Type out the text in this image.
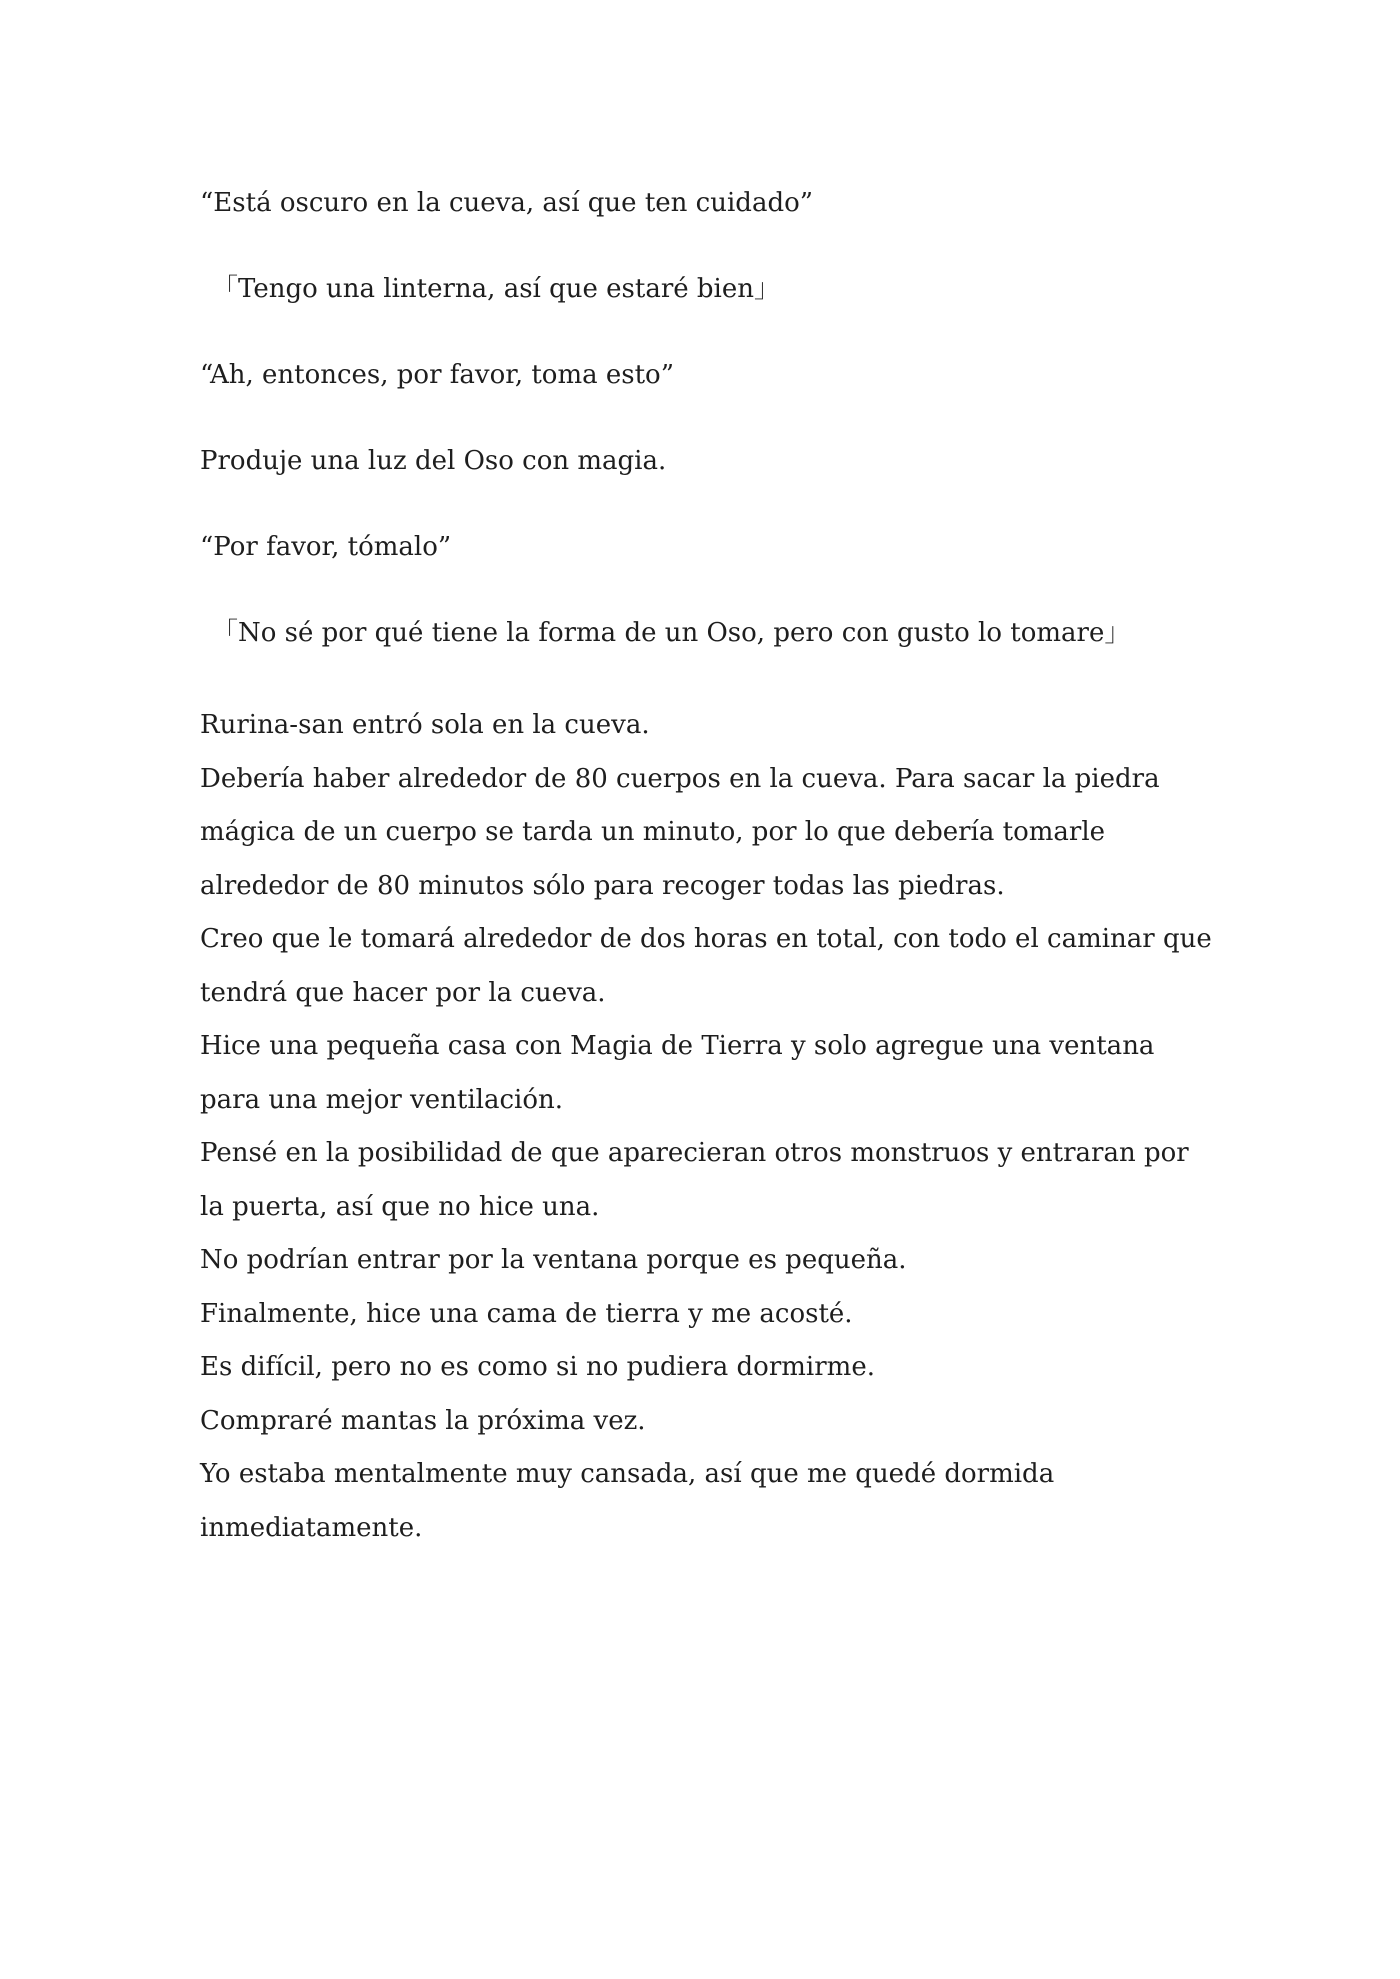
“Está oscuro en la cueva, así que ten cuidado”

「Tengo una linterna, así que estaré bien」

“Ah, entonces, por favor, toma esto”

Produje una luz del Oso con magia.

“Por favor, tómalo”

「No sé por qué tiene la forma de un Oso, pero con gusto lo tomare」

Rurina-san entró sola en la cueva.

Debería haber alrededor de 80 cuerpos en la cueva. Para sacar la piedra mágica de un cuerpo se tarda un minuto, por lo que debería tomarle alrededor de 80 minutos sólo para recoger todas las piedras.

Creo que le tomará alrededor de dos horas en total, con todo el caminar que tendrá que hacer por la cueva.

Hice una pequeña casa con Magia de Tierra y solo agregue una ventana para una mejor ventilación.

Pensé en la posibilidad de que aparecieran otros monstruos y entraran por la puerta, así que no hice una.

No podrían entrar por la ventana porque es pequeña.

Finalmente, hice una cama de tierra y me acosté.

Es difícil, pero no es como si no pudiera dormirme.

Compraré mantas la próxima vez.

Yo estaba mentalmente muy cansada, así que me quedé dormida inmediatamente.
